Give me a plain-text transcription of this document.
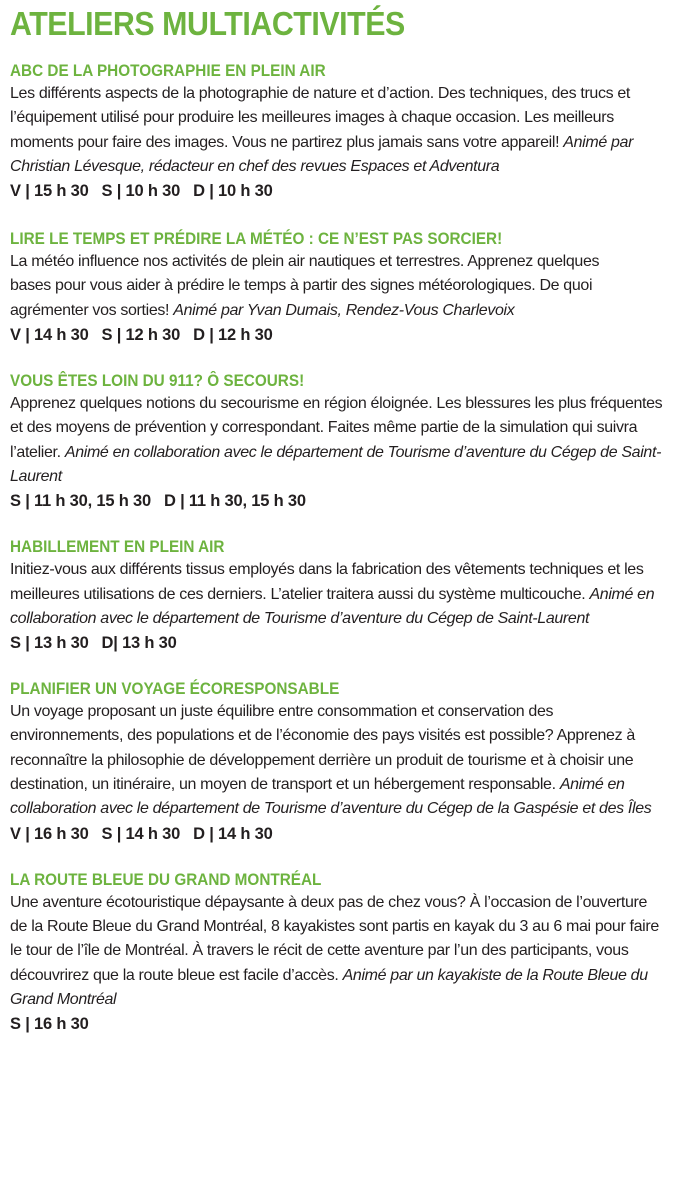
ATELIERS MULTIACTIVITÉS
ABC DE LA PHOTOGRAPHIE EN PLEIN AIR

Les différents aspects de la photographie de nature et d’action. Des techniques, des trucs et l’équipement utilisé pour produire les meilleures images à chaque occasion. Les meilleurs moments pour faire des images. Vous ne partirez plus jamais sans votre appareil! Animé par Christian Lévesque, rédacteur en chef des revues Espaces et Adventura

V | 15 h 30 S | 10 h 30 D | 10 h 30

LIRE LE TEMPS ET PRÉDIRE LA MÉTÉO : CE N’EST PAS SORCIER!

La météo influence nos activités de plein air nautiques et terrestres. Apprenez quelques bases pour vous aider à prédire le temps à partir des signes météorologiques. De quoi agrémenter vos sorties! Animé par Yvan Dumais, Rendez-Vous Charlevoix

V | 14 h 30 S | 12 h 30 D | 12 h 30

VOUS ÊTES LOIN DU 911? Ô SECOURS!

Apprenez quelques notions du secourisme en région éloignée. Les blessures les plus fréquentes et des moyens de prévention y correspondant. Faites même partie de la simulation qui suivra l’atelier. Animé en collaboration avec le département de Tourisme d’aventure du Cégep de Saint-Laurent

S | 11 h 30, 15 h 30 D | 11 h 30, 15 h 30

HABILLEMENT EN PLEIN AIR

Initiez-vous aux différents tissus employés dans la fabrication des vêtements techniques et les meilleures utilisations de ces derniers. L’atelier traitera aussi du système multicouche. Animé en collaboration avec le département de Tourisme d’aventure du Cégep de Saint-Laurent

S | 13 h 30 D| 13 h 30

PLANIFIER UN VOYAGE ÉCORESPONSABLE

Un voyage proposant un juste équilibre entre consommation et conservation des environnements, des populations et de l’économie des pays visités est possible? Apprenez à reconnaître la philosophie de développement derrière un produit de tourisme et à choisir une destination, un itinéraire, un moyen de transport et un hébergement responsable. Animé en collaboration avec le département de Tourisme d’aventure du Cégep de la Gaspésie et des Îles

V | 16 h 30 S | 14 h 30 D | 14 h 30

LA ROUTE BLEUE DU GRAND MONTRÉAL

Une aventure écotouristique dépaysante à deux pas de chez vous? À l’occasion de l’ouverture de la Route Bleue du Grand Montréal, 8 kayakistes sont partis en kayak du 3 au 6 mai pour faire le tour de l’île de Montréal. À travers le récit de cette aventure par l’un des participants, vous découvrirez que la route bleue est facile d’accès. Animé par un kayakiste de la Route Bleue du Grand Montréal

S | 16 h 30
